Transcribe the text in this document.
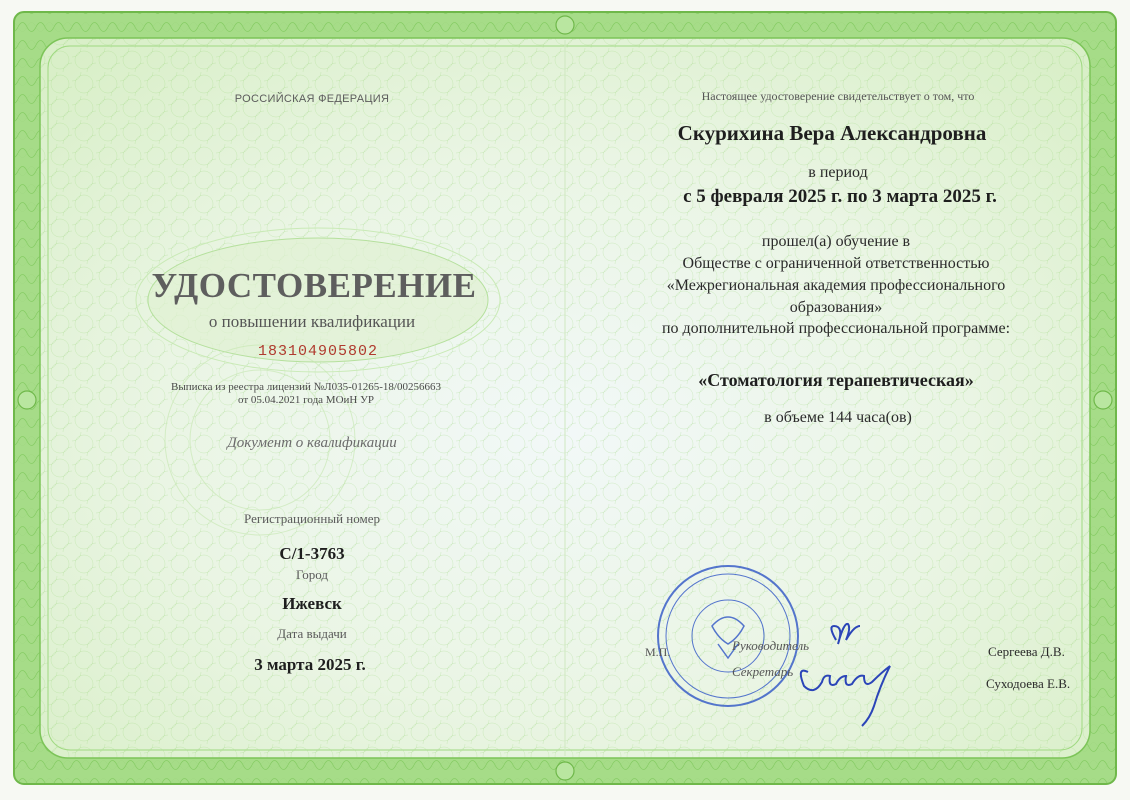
РОССИЙСКАЯ ФЕДЕРАЦИЯ
УДОСТОВЕРЕНИЕ
о повышении квалификации
183104905802
Выписка из реестра лицензий №Л035-01265-18/00256663
от 05.04.2021 года МОиН УР
Документ о квалификации
Регистрационный номер
С/1-3763
Город
Ижевск
Дата выдачи
3 марта 2025 г.
Настоящее удостоверение свидетельствует о том, что
Скурихина Вера Александровна
в период
с 5 февраля 2025 г. по 3 марта 2025 г.
прошел(а) обучение в
Обществе с ограниченной ответственностью
«Межрегиональная академия профессионального
образования»
по дополнительной профессиональной программе:
«Стоматология терапевтическая»
в объеме 144 часа(ов)
М.П.	Руководитель
Секретарь
Сергеева Д.В.
Суходоева Е.В.
